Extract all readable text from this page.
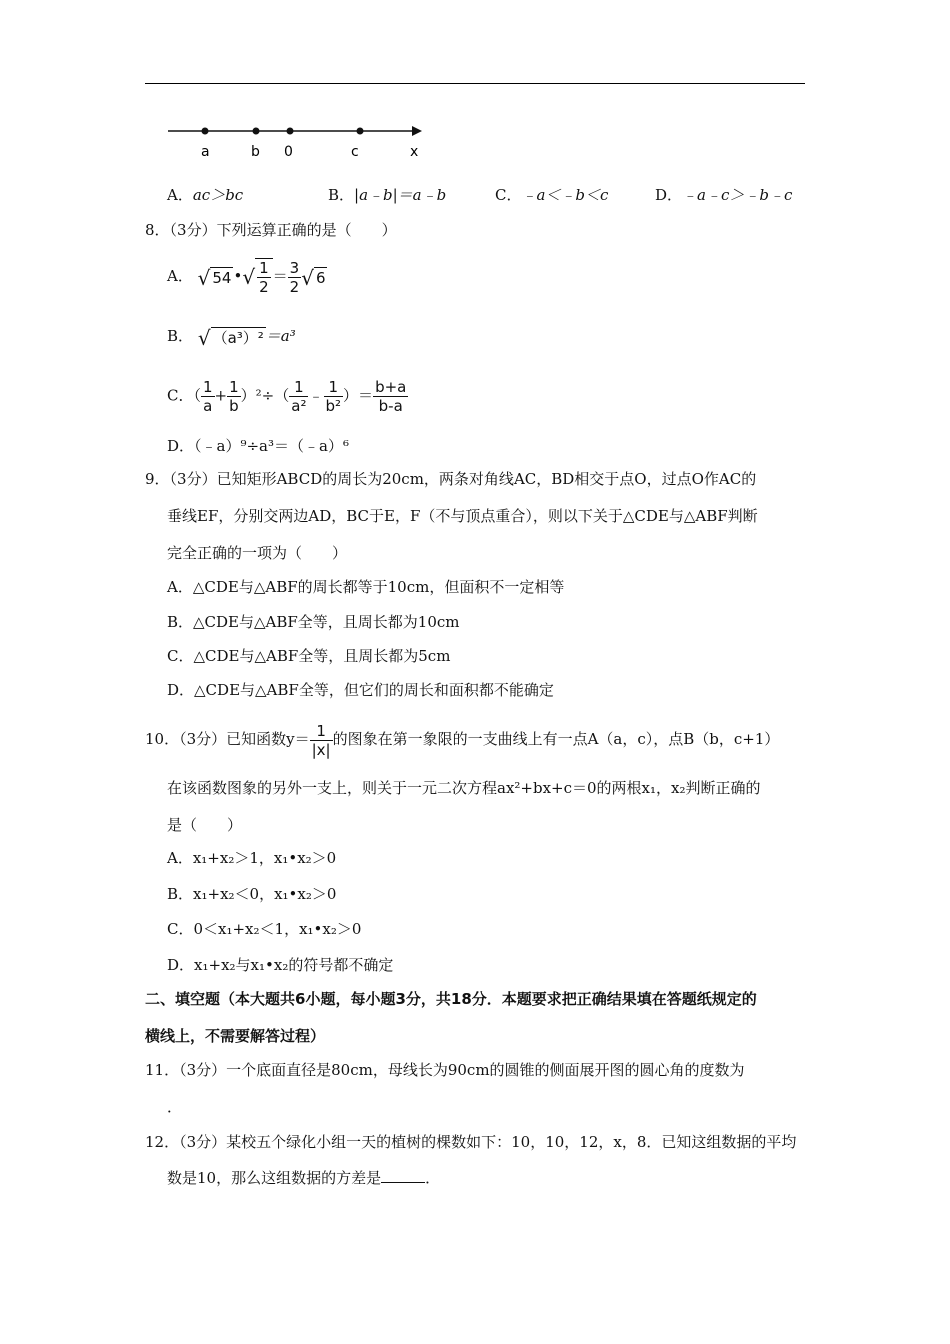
a	b 0	c	x
A．ac＞bc	B．|a﹣b|＝a﹣b	C．﹣a＜﹣b＜c	D．﹣a﹣c＞﹣b﹣c
8．（3分）下列运算正确的是（　　）
A． √ 54 •√ $\frac{1}{2} = \frac{3}{2}$ √ 6
B． √ （a³）² ＝a³
C．（ $\frac{1}{a} + \frac{1}{b} )^2\div( \frac{1}{\text{a²}}$ ﹣ $\frac{1}{\text{b²}}$ ）＝ $\frac{b+a}{b-a}$
D．（﹣a）⁹÷a³＝（﹣a）⁶
9．（3分）已知矩形ABCD的周长为20cm，两条对角线AC，BD相交于点O，过点O作AC的
垂线EF，分别交两边AD，BC于E，F（不与顶点重合），则以下关于△CDE与△ABF判断
完全正确的一项为（　　）
A．△CDE与△ABF的周长都等于10cm，但面积不一定相等
B．△CDE与△ABF全等，且周长都为10cm
C．△CDE与△ABF全等，且周长都为5cm
D．△CDE与△ABF全等，但它们的周长和面积都不能确定
10．（3分）已知函数$y= \frac{1}{|x|}$ 的图象在第一象限的一支曲线上有一点A（a，c），点B（b，c+1）
在该函数图象的另外一支上，则关于一元二次方程ax²+bx+c＝0的两根x₁，x₂判断正确的
是（　　）
A．x₁+x₂＞1，x₁•x₂＞0
B．x₁+x₂＜0，x₁•x₂＞0
C．0＜x₁+x₂＜1，x₁•x₂＞0
D．x₁+x₂与x₁•x₂的符号都不确定
二、填空题（本大题共6小题，每小题3分，共18分．本题要求把正确结果填在答题纸规定的
横线上，不需要解答过程）
11．（3分）一个底面直径是80cm，母线长为90cm的圆锥的侧面展开图的圆心角的度数为
．
12．（3分）某校五个绿化小组一天的植树的棵数如下：10，10，12，x，8．已知这组数据的平均
数是10，那么这组数据的方差是	．
